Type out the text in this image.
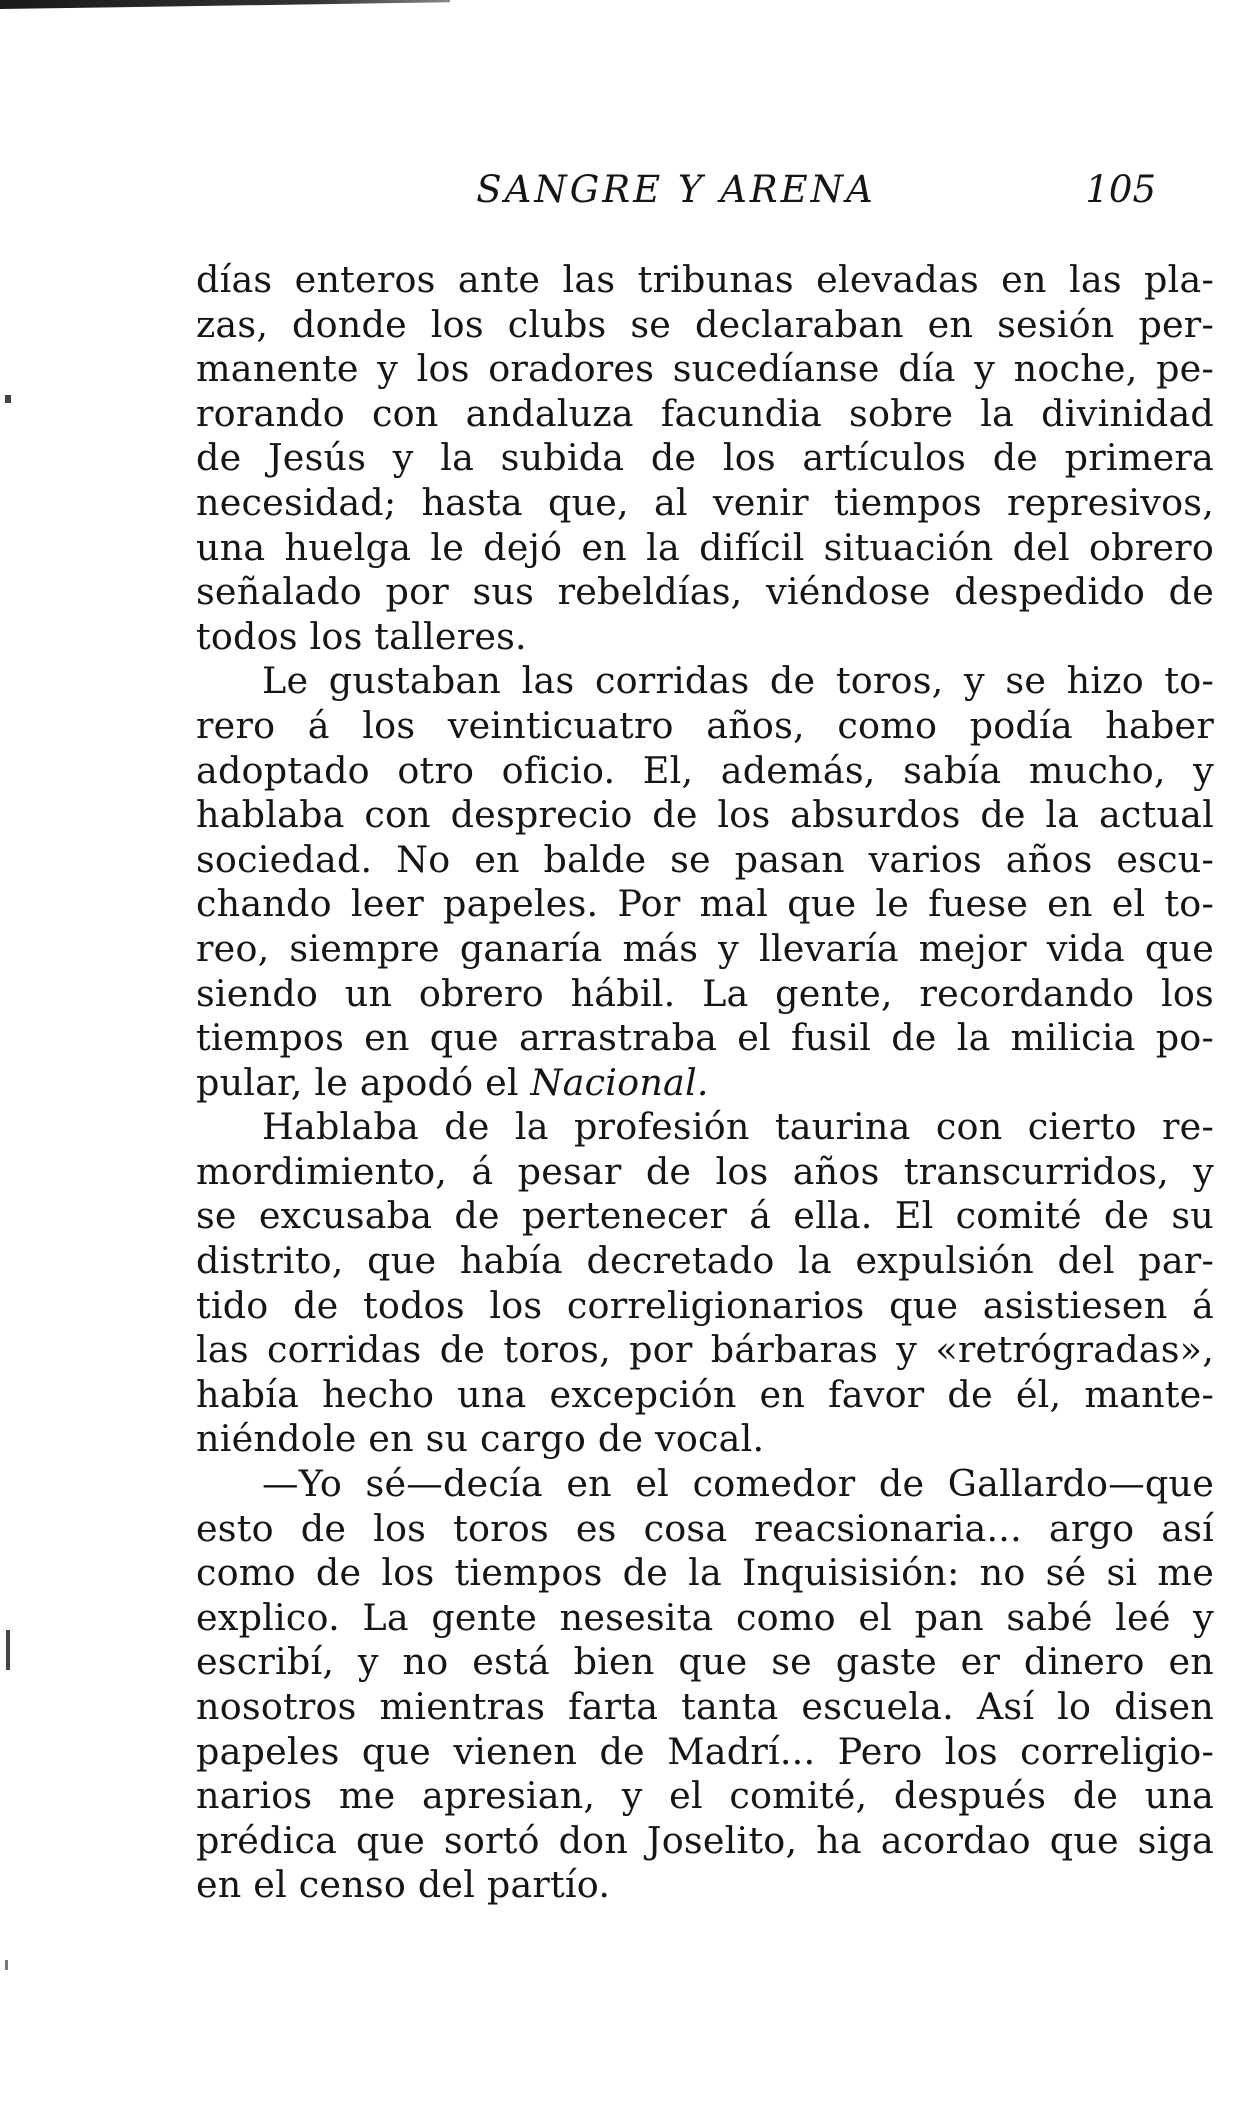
SANGRE Y ARENA	105
días enteros ante las tribunas elevadas en las pla-
zas, donde los clubs se declaraban en sesión per-
manente y los oradores sucedíanse día y noche, pe-
rorando con andaluza facundia sobre la divinidad
de Jesús y la subida de los artículos de primera
necesidad; hasta que, al venir tiempos represivos,
una huelga le dejó en la difícil situación del obrero
señalado por sus rebeldías, viéndose despedido de
todos los talleres.
Le gustaban las corridas de toros, y se hizo to-
rero á los veinticuatro años, como podía haber
adoptado otro oficio. El, además, sabía mucho, y
hablaba con desprecio de los absurdos de la actual
sociedad. No en balde se pasan varios años escu-
chando leer papeles. Por mal que le fuese en el to-
reo, siempre ganaría más y llevaría mejor vida que
siendo un obrero hábil. La gente, recordando los
tiempos en que arrastraba el fusil de la milicia po-
pular, le apodó el Nacional.
Hablaba de la profesión taurina con cierto re-
mordimiento, á pesar de los años transcurridos, y
se excusaba de pertenecer á ella. El comité de su
distrito, que había decretado la expulsión del par-
tido de todos los correligionarios que asistiesen á
las corridas de toros, por bárbaras y «retrógradas»,
había hecho una excepción en favor de él, mante-
niéndole en su cargo de vocal.
—Yo sé—decía en el comedor de Gallardo—que
esto de los toros es cosa reacsionaria... argo así
como de los tiempos de la Inquisisión: no sé si me
explico. La gente nesesita como el pan sabé leé y
escribí, y no está bien que se gaste er dinero en
nosotros mientras farta tanta escuela. Así lo disen
papeles que vienen de Madrí... Pero los correligio-
narios me apresian, y el comité, después de una
prédica que sortó don Joselito, ha acordao que siga
en el censo del partío.
